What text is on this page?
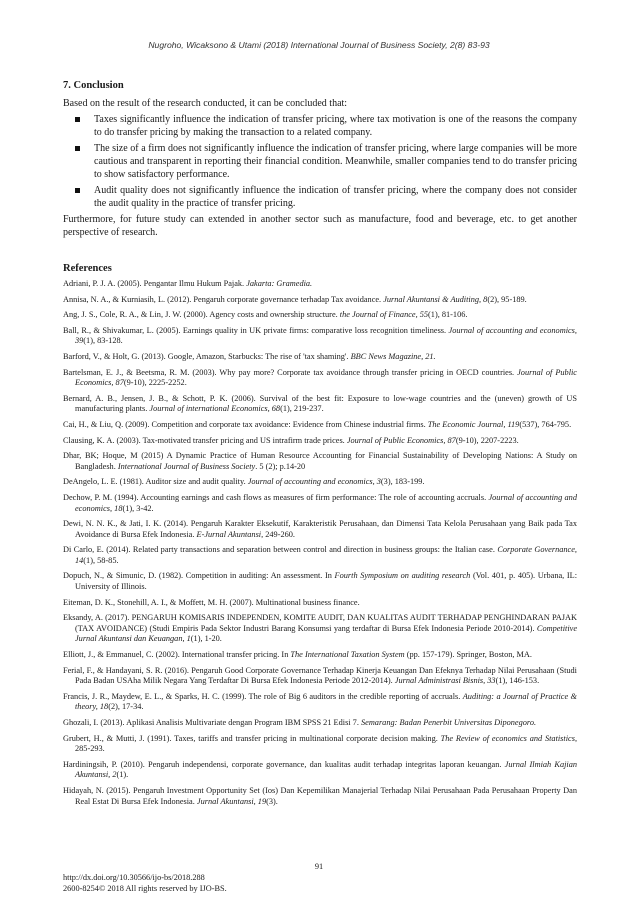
Nugroho, Wicaksono & Utami (2018) International Journal of Business Society, 2(8) 83-93
7. Conclusion

Based on the result of the research conducted, it can be concluded that:

Taxes significantly influence the indication of transfer pricing, where tax motivation is one of the reasons the company to do transfer pricing by making the transaction to a related company.
The size of a firm does not significantly influence the indication of transfer pricing, where large companies will be more cautious and transparent in reporting their financial condition. Meanwhile, smaller companies tend to do transfer pricing to show satisfactory performance.
Audit quality does not significantly influence the indication of transfer pricing, where the company does not consider the audit quality in the practice of transfer pricing.

Furthermore, for future study can extended in another sector such as manufacture, food and beverage, etc. to get another perspective of research.

References

Adriani, P. J. A. (2005). Pengantar Ilmu Hukum Pajak. Jakarta: Gramedia.

Annisa, N. A., & Kurniasih, L. (2012). Pengaruh corporate governance terhadap Tax avoidance. Jurnal Akuntansi & Auditing, 8(2), 95-189.

Ang, J. S., Cole, R. A., & Lin, J. W. (2000). Agency costs and ownership structure. the Journal of Finance, 55(1), 81-106.

Ball, R., & Shivakumar, L. (2005). Earnings quality in UK private firms: comparative loss recognition timeliness. Journal of accounting and economics, 39(1), 83-128.

Barford, V., & Holt, G. (2013). Google, Amazon, Starbucks: The rise of 'tax shaming'. BBC News Magazine, 21.

Bartelsman, E. J., & Beetsma, R. M. (2003). Why pay more? Corporate tax avoidance through transfer pricing in OECD countries. Journal of Public Economics, 87(9-10), 2225-2252.

Bernard, A. B., Jensen, J. B., & Schott, P. K. (2006). Survival of the best fit: Exposure to low-wage countries and the (uneven) growth of US manufacturing plants. Journal of international Economics, 68(1), 219-237.

Cai, H., & Liu, Q. (2009). Competition and corporate tax avoidance: Evidence from Chinese industrial firms. The Economic Journal, 119(537), 764-795.

Clausing, K. A. (2003). Tax-motivated transfer pricing and US intrafirm trade prices. Journal of Public Economics, 87(9-10), 2207-2223.

Dhar, BK; Hoque, M (2015) A Dynamic Practice of Human Resource Accounting for Financial Sustainability of Developing Nations: A Study on Bangladesh. International Journal of Business Society. 5 (2); p.14-20

DeAngelo, L. E. (1981). Auditor size and audit quality. Journal of accounting and economics, 3(3), 183-199.

Dechow, P. M. (1994). Accounting earnings and cash flows as measures of firm performance: The role of accounting accruals. Journal of accounting and economics, 18(1), 3-42.

Dewi, N. N. K., & Jati, I. K. (2014). Pengaruh Karakter Eksekutif, Karakteristik Perusahaan, dan Dimensi Tata Kelola Perusahaan yang Baik pada Tax Avoidance di Bursa Efek Indonesia. E-Jurnal Akuntansi, 249-260.

Di Carlo, E. (2014). Related party transactions and separation between control and direction in business groups: the Italian case. Corporate Governance, 14(1), 58-85.

Dopuch, N., & Simunic, D. (1982). Competition in auditing: An assessment. In Fourth Symposium on auditing research (Vol. 401, p. 405). Urbana, IL: University of Illinois.

Eiteman, D. K., Stonehill, A. I., & Moffett, M. H. (2007). Multinational business finance.

Eksandy, A. (2017). PENGARUH KOMISARIS INDEPENDEN, KOMITE AUDIT, DAN KUALITAS AUDIT TERHADAP PENGHINDARAN PAJAK (TAX AVOIDANCE) (Studi Empiris Pada Sektor Industri Barang Konsumsi yang terdaftar di Bursa Efek Indonesia Periode 2010-2014). Competitive Jurnal Akuntansi dan Keuangan, 1(1), 1-20.

Elliott, J., & Emmanuel, C. (2002). International transfer pricing. In The International Taxation System (pp. 157-179). Springer, Boston, MA.

Ferial, F., & Handayani, S. R. (2016). Pengaruh Good Corporate Governance Terhadap Kinerja Keuangan Dan Efeknya Terhadap Nilai Perusahaan (Studi Pada Badan USAha Milik Negara Yang Terdaftar Di Bursa Efek Indonesia Periode 2012-2014). Jurnal Administrasi Bisnis, 33(1), 146-153.

Francis, J. R., Maydew, E. L., & Sparks, H. C. (1999). The role of Big 6 auditors in the credible reporting of accruals. Auditing: a Journal of Practice & theory, 18(2), 17-34.

Ghozali, I. (2013). Aplikasi Analisis Multivariate dengan Program IBM SPSS 21 Edisi 7. Semarang: Badan Penerbit Universitas Diponegoro.

Grubert, H., & Mutti, J. (1991). Taxes, tariffs and transfer pricing in multinational corporate decision making. The Review of economics and Statistics, 285-293.

Hardiningsih, P. (2010). Pengaruh independensi, corporate governance, dan kualitas audit terhadap integritas laporan keuangan. Jurnal Ilmiah Kajian Akuntansi, 2(1).

Hidayah, N. (2015). Pengaruh Investment Opportunity Set (Ios) Dan Kepemilikan Manajerial Terhadap Nilai Perusahaan Pada Perusahaan Property Dan Real Estat Di Bursa Efek Indonesia. Jurnal Akuntansi, 19(3).

91
http://dx.doi.org/10.30566/ijo-bs/2018.288
2600-8254© 2018 All rights reserved by IJO-BS.
